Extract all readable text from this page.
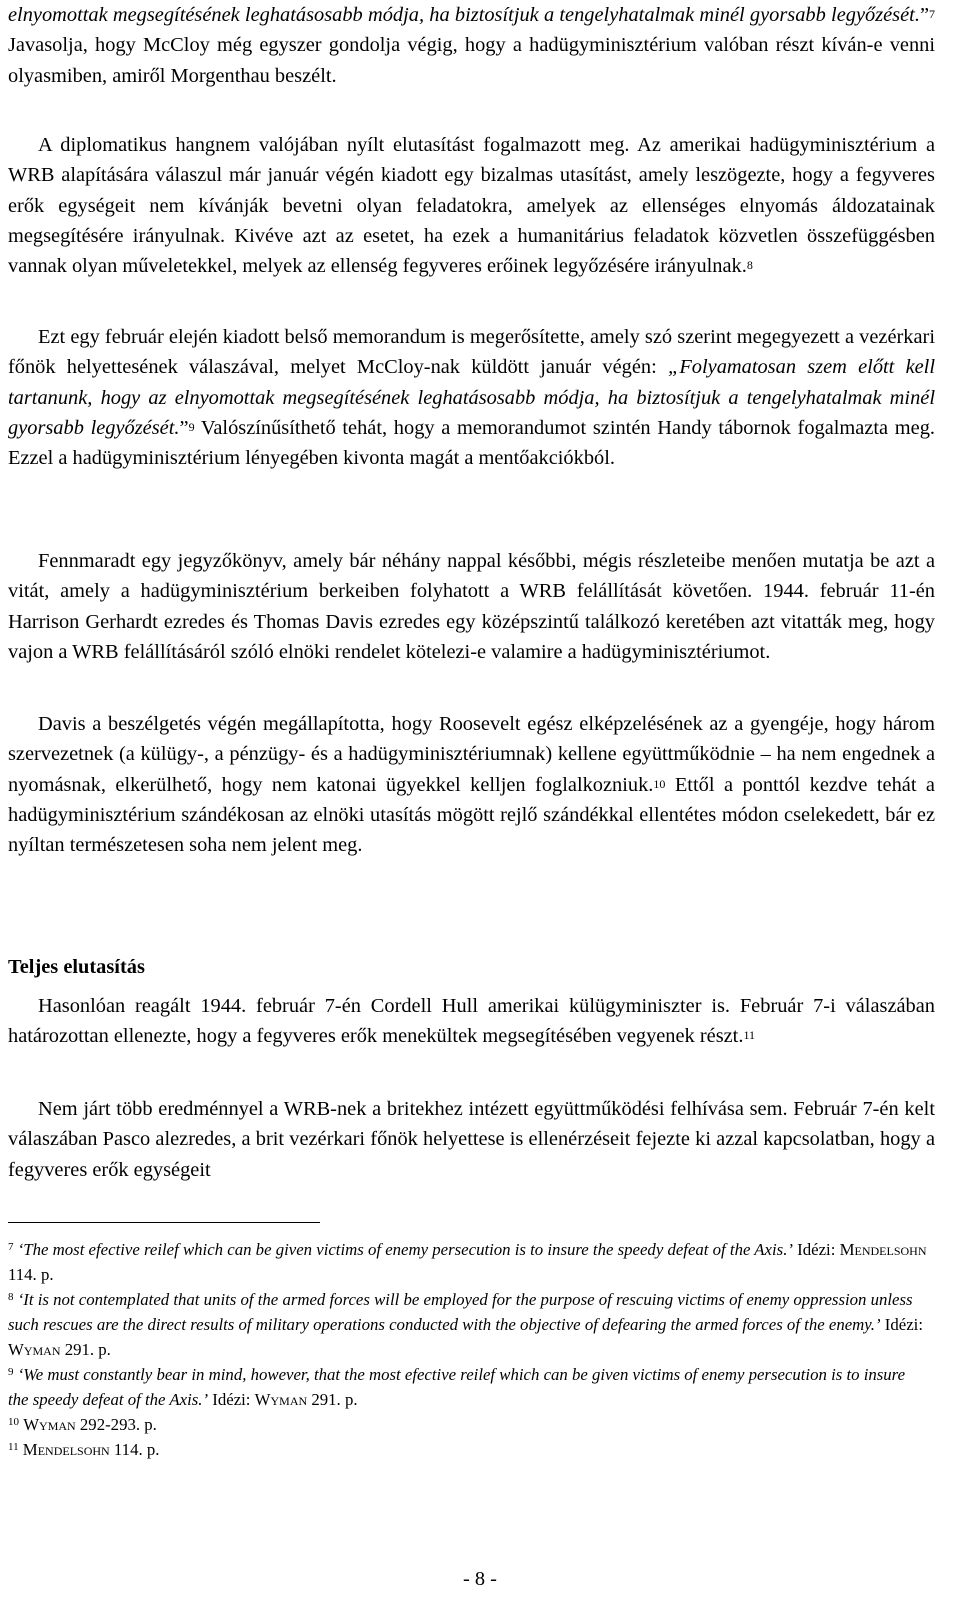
elnyomottak megsegítésének leghatásosabb módja, ha biztosítjuk a tengelyhatalmak minél gyorsabb legyőzését.”$^7$ Javasolja, hogy McCloy még egyszer gondolja végig, hogy a hadügyminisztérium valóban részt kíván-e venni olyasmiben, amiről Morgenthau beszélt.

A diplomatikus hangnem valójában nyílt elutasítást fogalmazott meg. Az amerikai hadügyminisztérium a WRB alapítására válaszul már január végén kiadott egy bizalmas utasítást, amely leszögezte, hogy a fegyveres erők egységeit nem kívánják bevetni olyan feladatokra, amelyek az ellenséges elnyomás áldozatainak megsegítésére irányulnak. Kivéve azt az esetet, ha ezek a humanitárius feladatok közvetlen összefüggésben vannak olyan műveletekkel, melyek az ellenség fegyveres erőinek legyőzésére irányulnak.$^8$

Ezt egy február elején kiadott belső memorandum is megerősítette, amely szó szerint megegyezett a vezérkari főnök helyettesének válaszával, melyet McCloy-nak küldött január végén: „Folyamatosan szem előtt kell tartanunk, hogy az elnyomottak megsegítésének leghatásosabb módja, ha biztosítjuk a tengelyhatalmak minél gyorsabb legyőzését.”$^9$ Valószínűsíthető tehát, hogy a memorandumot szintén Handy tábornok fogalmazta meg. Ezzel a hadügyminisztérium lényegében kivonta magát a mentőakciókból.

Fennmaradt egy jegyzőkönyv, amely bár néhány nappal későbbi, mégis részleteibe menően mutatja be azt a vitát, amely a hadügyminisztérium berkeiben folyhatott a WRB felállítását követően. 1944. február 11-én Harrison Gerhardt ezredes és Thomas Davis ezredes egy középszintű találkozó keretében azt vitatták meg, hogy vajon a WRB felállításáról szóló elnöki rendelet kötelezi-e valamire a hadügyminisztériumot.

Davis a beszélgetés végén megállapította, hogy Roosevelt egész elképzelésének az a gyengéje, hogy három szervezetnek (a külügy-, a pénzügy- és a hadügyminisztériumnak) kellene együttműködnie – ha nem engednek a nyomásnak, elkerülhető, hogy nem katonai ügyekkel kelljen foglalkozniuk.$^{10}$ Ettől a ponttól kezdve tehát a hadügyminisztérium szándékosan az elnöki utasítás mögött rejlő szándékkal ellentétes módon cselekedett, bár ez nyíltan természetesen soha nem jelent meg.

Teljes elutasítás

Hasonlóan reagált 1944. február 7-én Cordell Hull amerikai külügyminiszter is. Február 7-i válaszában határozottan ellenezte, hogy a fegyveres erők menekültek megsegítésében vegyenek részt.$^{11}$

Nem járt több eredménnyel a WRB-nek a britekhez intézett együttműködési felhívása sem. Február 7-én kelt válaszában Pasco alezredes, a brit vezérkari főnök helyettese is ellenérzéseit fejezte ki azzal kapcsolatban, hogy a fegyveres erők egységeit

$^7$ ‘The most efective reilef which can be given victims of enemy persecution is to insure the speedy defeat of the Axis.’ Idézi: Mendelsohn 114. p.

$^8$ ‘It is not contemplated that units of the armed forces will be employed for the purpose of rescuing victims of enemy oppression unless such rescues are the direct results of military operations conducted with the objective of defearing the armed forces of the enemy.’ Idézi: Wyman 291. p.

$^9$ ‘We must constantly bear in mind, however, that the most efective reilef which can be given victims of enemy persecution is to insure the speedy defeat of the Axis.’ Idézi: Wyman 291. p.

$^{10}$ Wyman 292-293. p.

$^{11}$ Mendelsohn 114. p.

- 8 -
